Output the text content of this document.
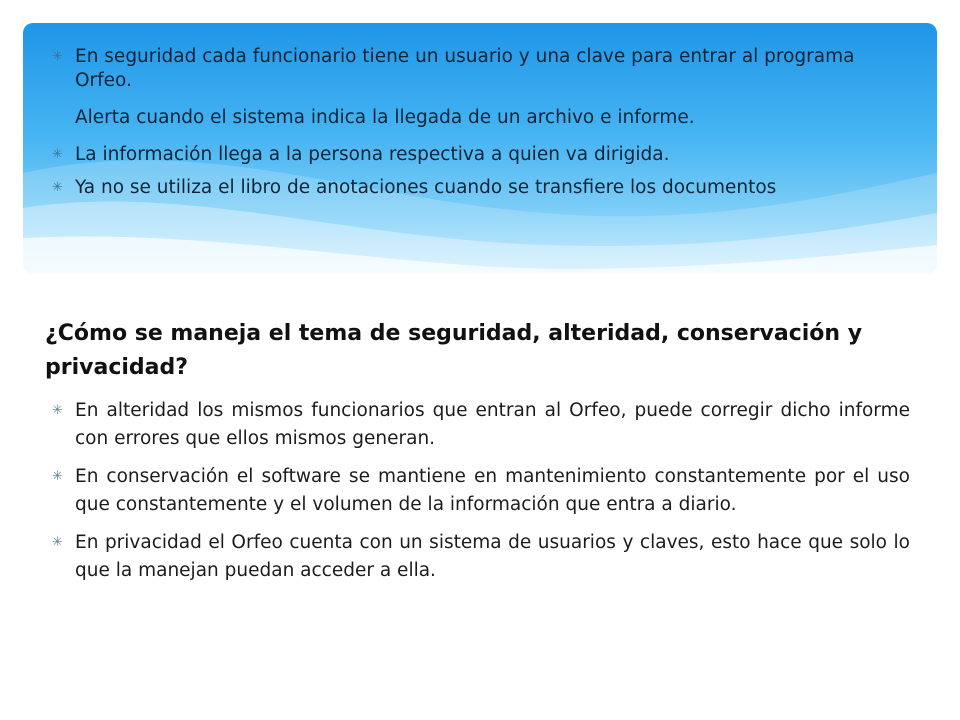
✳ En seguridad cada funcionario tiene un usuario y una clave para entrar al programa Orfeo.
Alerta cuando el sistema indica la llegada de un archivo e informe.
✳ La información llega a la persona respectiva a quien va dirigida.
✳ Ya no se utiliza el libro de anotaciones cuando se transfiere los documentos
¿Cómo se maneja el tema de seguridad, alteridad, conservación y privacidad?
✳ En alteridad los mismos funcionarios que entran al Orfeo, puede corregir dicho informe con errores que ellos mismos generan.
✳ En conservación el software se mantiene en mantenimiento constantemente por el uso que constantemente y el volumen de la información que entra a diario.
✳ En privacidad el Orfeo cuenta con un sistema de usuarios y claves, esto hace que solo lo que la manejan puedan acceder a ella.
